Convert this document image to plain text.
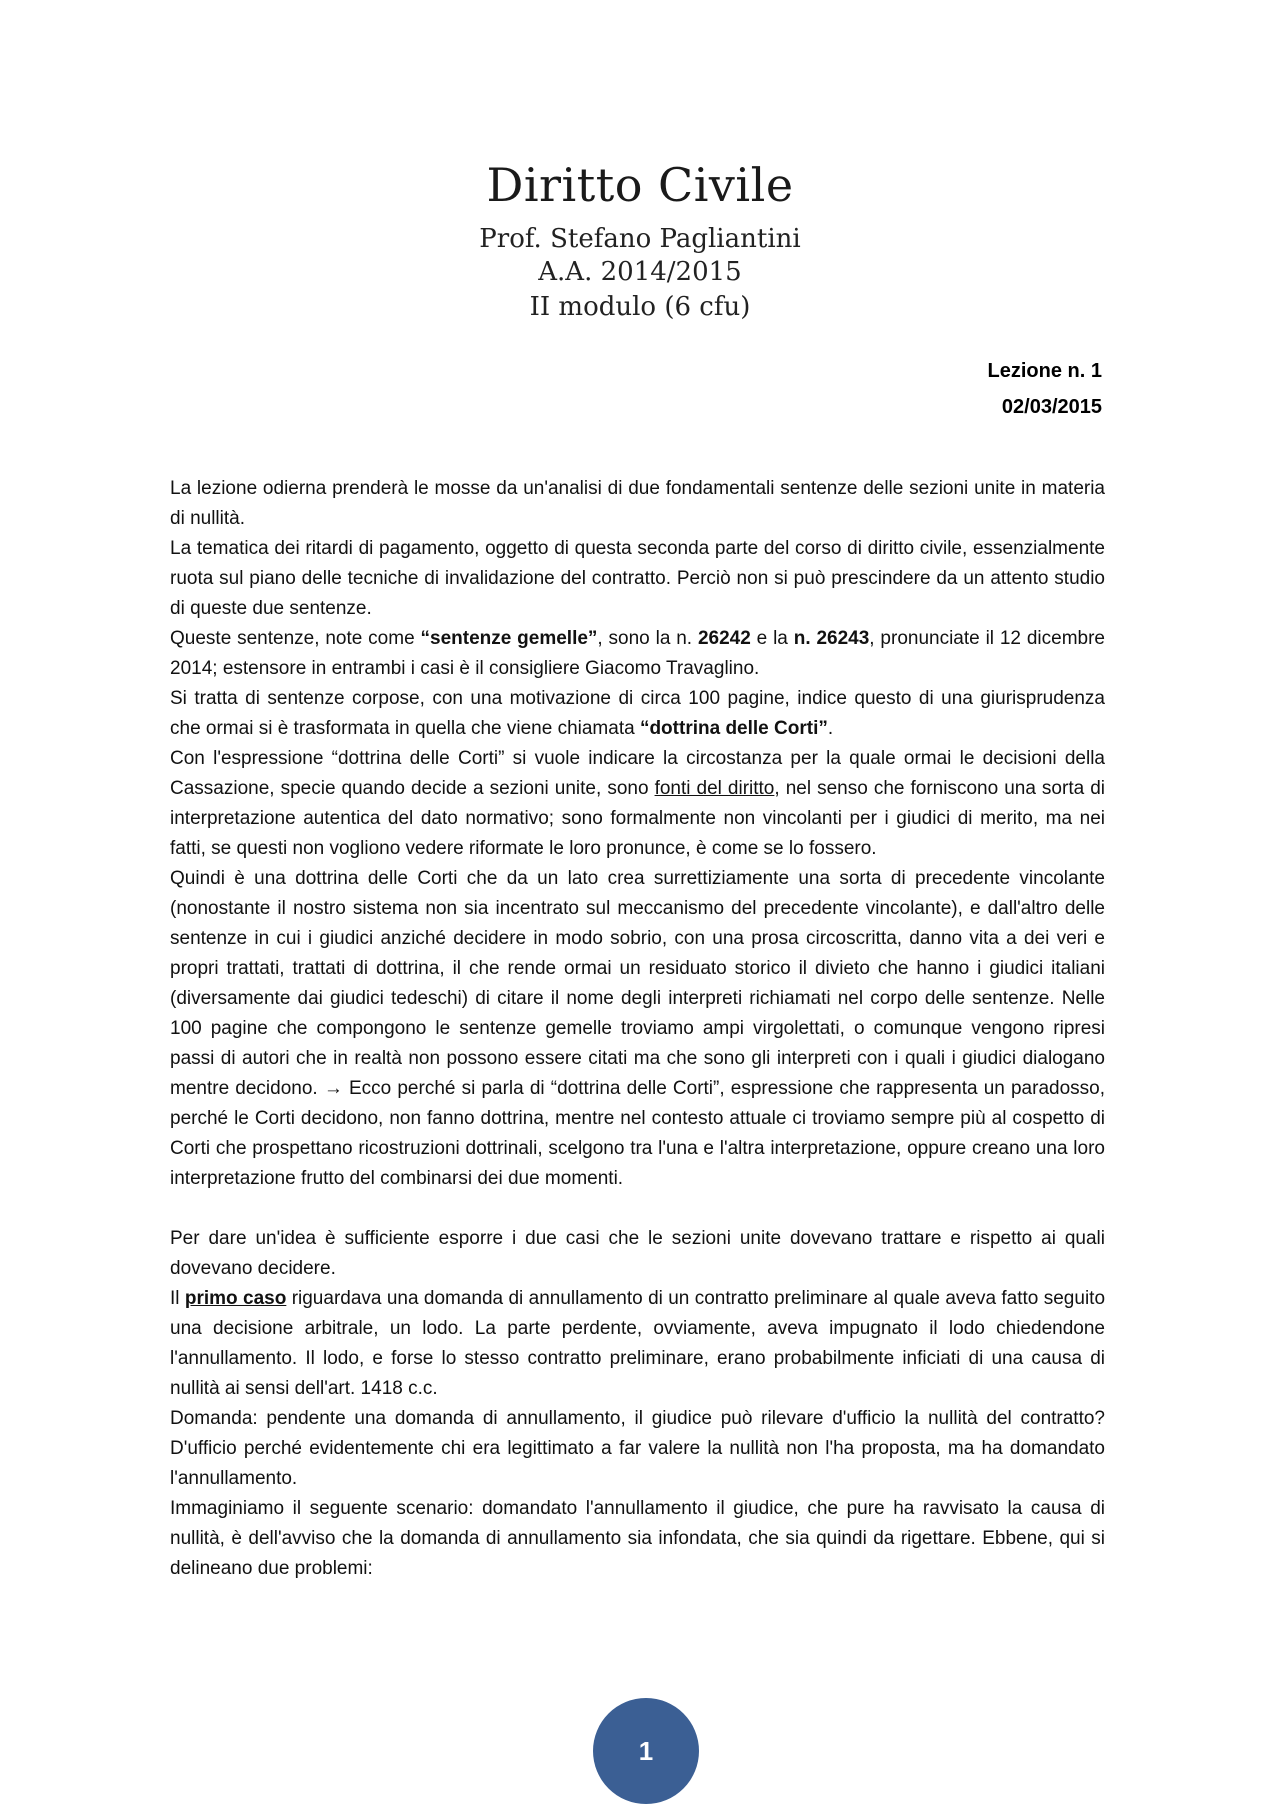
Diritto Civile
Prof. Stefano Pagliantini
A.A. 2014/2015
II modulo (6 cfu)
Lezione n. 1
02/03/2015

La lezione odierna prenderà le mosse da un'analisi di due fondamentali sentenze delle sezioni unite in materia di nullità.

La tematica dei ritardi di pagamento, oggetto di questa seconda parte del corso di diritto civile, essenzialmente ruota sul piano delle tecniche di invalidazione del contratto. Perciò non si può prescindere da un attento studio di queste due sentenze.

Queste sentenze, note come “sentenze gemelle”, sono la n. 26242 e la n. 26243, pronunciate il 12 dicembre 2014; estensore in entrambi i casi è il consigliere Giacomo Travaglino.

Si tratta di sentenze corpose, con una motivazione di circa 100 pagine, indice questo di una giurisprudenza che ormai si è trasformata in quella che viene chiamata “dottrina delle Corti”.

Con l'espressione “dottrina delle Corti” si vuole indicare la circostanza per la quale ormai le decisioni della Cassazione, specie quando decide a sezioni unite, sono fonti del diritto, nel senso che forniscono una sorta di interpretazione autentica del dato normativo; sono formalmente non vincolanti per i giudici di merito, ma nei fatti, se questi non vogliono vedere riformate le loro pronunce, è come se lo fossero.

Quindi è una dottrina delle Corti che da un lato crea surrettiziamente una sorta di precedente vincolante (nonostante il nostro sistema non sia incentrato sul meccanismo del precedente vincolante), e dall'altro delle sentenze in cui i giudici anziché decidere in modo sobrio, con una prosa circoscritta, danno vita a dei veri e propri trattati, trattati di dottrina, il che rende ormai un residuato storico il divieto che hanno i giudici italiani (diversamente dai giudici tedeschi) di citare il nome degli interpreti richiamati nel corpo delle sentenze. Nelle 100 pagine che compongono le sentenze gemelle troviamo ampi virgolettati, o comunque vengono ripresi passi di autori che in realtà non possono essere citati ma che sono gli interpreti con i quali i giudici dialogano mentre decidono. → Ecco perché si parla di “dottrina delle Corti”, espressione che rappresenta un paradosso, perché le Corti decidono, non fanno dottrina, mentre nel contesto attuale ci troviamo sempre più al cospetto di Corti che prospettano ricostruzioni dottrinali, scelgono tra l'una e l'altra interpretazione, oppure creano una loro interpretazione frutto del combinarsi dei due momenti.

Per dare un'idea è sufficiente esporre i due casi che le sezioni unite dovevano trattare e rispetto ai quali dovevano decidere.

Il primo caso riguardava una domanda di annullamento di un contratto preliminare al quale aveva fatto seguito una decisione arbitrale, un lodo. La parte perdente, ovviamente, aveva impugnato il lodo chiedendone l'annullamento. Il lodo, e forse lo stesso contratto preliminare, erano probabilmente inficiati di una causa di nullità ai sensi dell'art. 1418 c.c.

Domanda: pendente una domanda di annullamento, il giudice può rilevare d'ufficio la nullità del contratto? D'ufficio perché evidentemente chi era legittimato a far valere la nullità non l'ha proposta, ma ha domandato l'annullamento.

Immaginiamo il seguente scenario: domandato l'annullamento il giudice, che pure ha ravvisato la causa di nullità, è dell'avviso che la domanda di annullamento sia infondata, che sia quindi da rigettare. Ebbene, qui si delineano due problemi:

1
